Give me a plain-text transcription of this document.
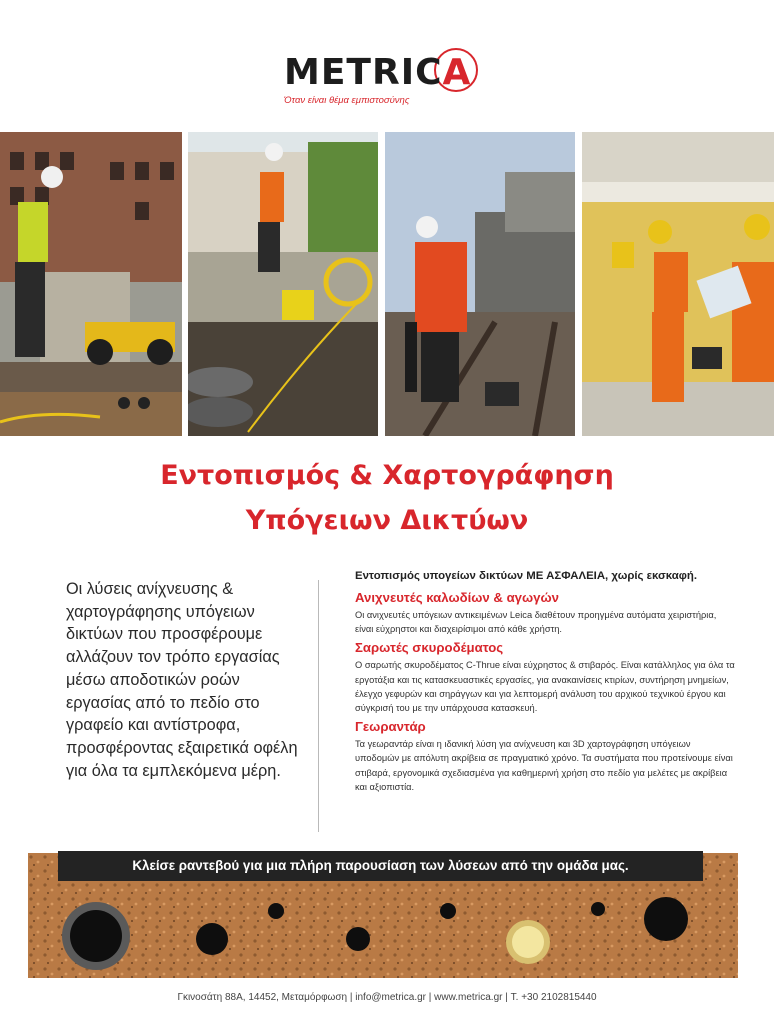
METRICA
Όταν είναι θέμα εμπιστοσύνης
Εντοπισμός & Χαρτογράφηση
Υπόγειων Δικτύων
Οι λύσεις ανίχνευσης & χαρτογράφησης υπόγειων δικτύων που προσφέρουμε αλλάζουν τον τρόπο εργασίας μέσω αποδοτικών ροών εργασίας από το πεδίο στο γραφείο και αντίστροφα, προσφέροντας εξαιρετικά οφέλη για όλα τα εμπλεκόμενα μέρη.

Εντοπισμός υπογείων δικτύων ΜΕ ΑΣΦΑΛΕΙΑ, χωρίς εκσκαφή.

Ανιχνευτές καλωδίων & αγωγών

Οι ανιχνευτές υπόγειων αντικειμένων Leica διαθέτουν προηγμένα αυτόματα χειριστήρια, είναι εύχρηστοι και διαχειρίσιμοι από κάθε χρήστη.

Σαρωτές σκυροδέματος

Ο σαρωτής σκυροδέματος C-Thrue είναι εύχρηστος & στιβαρός. Είναι κατάλληλος για όλα τα εργοτάξια και τις κατασκευαστικές εργασίες, για ανακαινίσεις κτιρίων, συντήρηση μνημείων, έλεγχο γεφυρών και σηράγγων και για λεπτομερή ανάλυση του αρχικού τεχνικού έργου και σύγκρισή του με την υπάρχουσα κατασκευή.

Γεωραντάρ

Τα γεωραντάρ είναι η ιδανική λύση για ανίχνευση και 3D χαρτογράφηση υπόγειων υποδομών με απόλυτη ακρίβεια σε πραγματικό χρόνο. Τα συστήματα που προτείνουμε είναι στιβαρά, εργονομικά σχεδιασμένα για καθημερινή χρήση στο πεδίο για μελέτες με ακρίβεια και αξιοπιστία.

Κλείσε ραντεβού για μια πλήρη παρουσίαση των λύσεων από την ομάδα μας.
Γκινοσάτη 88Α, 14452, Μεταμόρφωση | info@metrica.gr | www.metrica.gr | Τ. +30 2102815440
